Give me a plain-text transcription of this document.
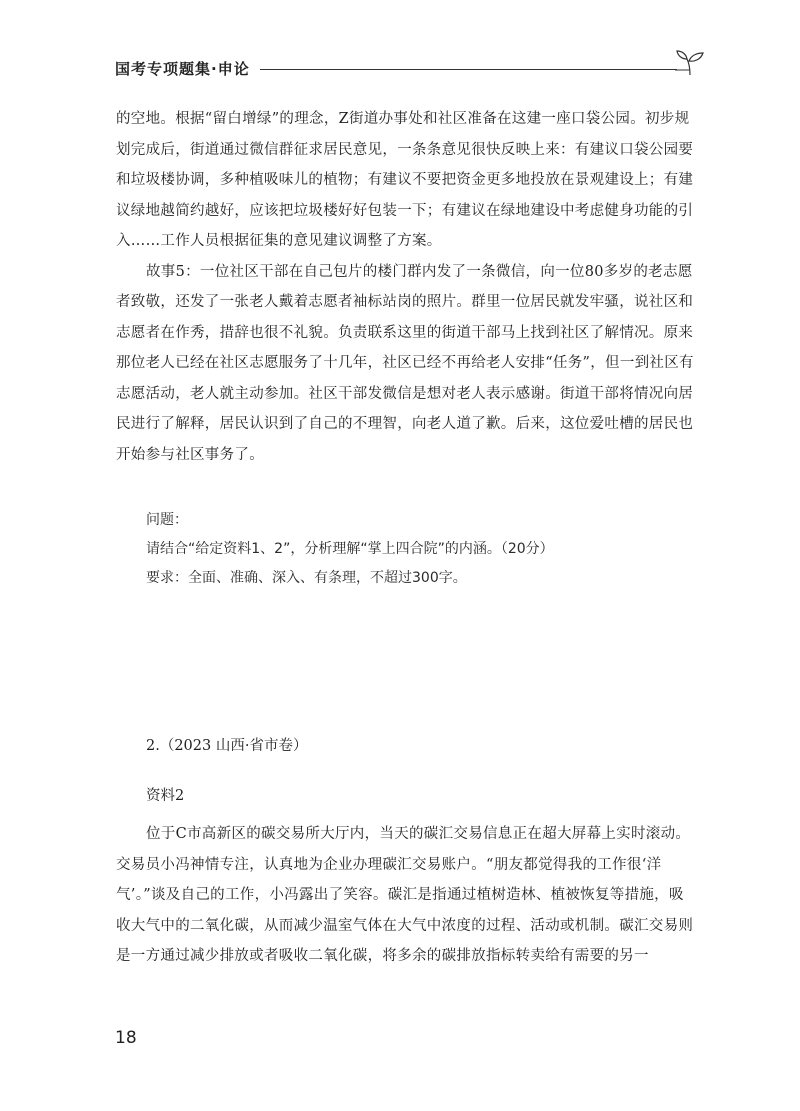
国考专项题集·申论

的空地。根据“留白增绿”的理念，Z街道办事处和社区准备在这建一座口袋公园。初步规划完成后，街道通过微信群征求居民意见，一条条意见很快反映上来：有建议口袋公园要和垃圾楼协调，多种植吸味儿的植物；有建议不要把资金更多地投放在景观建设上；有建议绿地越简约越好，应该把垃圾楼好好包装一下；有建议在绿地建设中考虑健身功能的引入……工作人员根据征集的意见建议调整了方案。

故事5：一位社区干部在自己包片的楼门群内发了一条微信，向一位80多岁的老志愿者致敬，还发了一张老人戴着志愿者袖标站岗的照片。群里一位居民就发牢骚，说社区和志愿者在作秀，措辞也很不礼貌。负责联系这里的街道干部马上找到社区了解情况。原来那位老人已经在社区志愿服务了十几年，社区已经不再给老人安排“任务”，但一到社区有志愿活动，老人就主动参加。社区干部发微信是想对老人表示感谢。街道干部将情况向居民进行了解释，居民认识到了自己的不理智，向老人道了歉。后来，这位爱吐槽的居民也开始参与社区事务了。

问题：

请结合“给定资料1、2”，分析理解“掌上四合院”的内涵。（20分）

要求：全面、准确、深入、有条理，不超过300字。

2.（2023 山西·省市卷）
资料2

位于C市高新区的碳交易所大厅内，当天的碳汇交易信息正在超大屏幕上实时滚动。交易员小冯神情专注，认真地为企业办理碳汇交易账户。“朋友都觉得我的工作很‘洋气’。”谈及自己的工作，小冯露出了笑容。碳汇是指通过植树造林、植被恢复等措施，吸收大气中的二氧化碳，从而减少温室气体在大气中浓度的过程、活动或机制。碳汇交易则是一方通过减少排放或者吸收二氧化碳，将多余的碳排放指标转卖给有需要的另一

18
